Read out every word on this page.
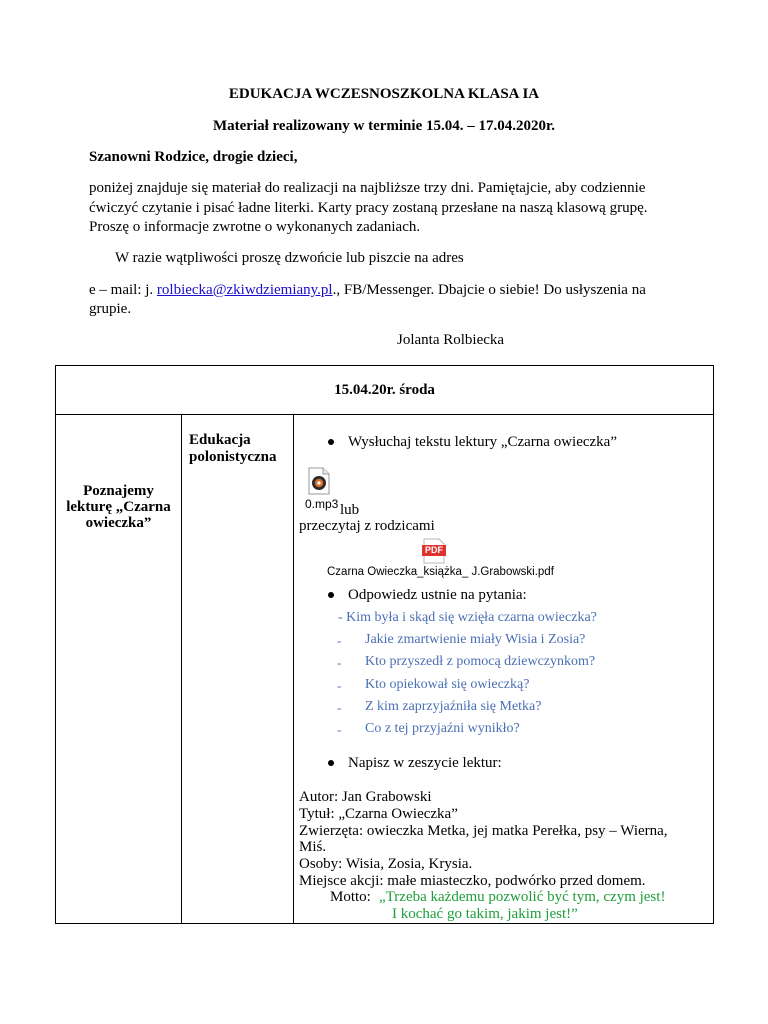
EDUKACJA WCZESNOSZKOLNA KLASA IA
Materiał realizowany w terminie 15.04. – 17.04.2020r.
Szanowni Rodzice, drogie dzieci,
poniżej znajduje się materiał do realizacji na najbliższe trzy dni. Pamiętajcie, aby codziennie
ćwiczyć czytanie i pisać ładne literki. Karty pracy zostaną przesłane na naszą klasową grupę.
Proszę o informacje zwrotne o wykonanych zadaniach.
W razie wątpliwości proszę dzwońcie lub piszcie na adres
e – mail: j. rolbiecka@zkiwdziemiany.pl., FB/Messenger. Dbajcie o siebie! Do usłyszenia na
grupie.
Jolanta Rolbiecka
15.04.20r. środa
Poznajemy
lekturę „Czarna
owieczka”
Edukacja
polonistyczna
Wysłuchaj tekstu lektury „Czarna owieczka”
0.mp3 lub
przeczytaj z rodzicami
PDF
Czarna Owieczka_książka_ J.Grabowski.pdf
Odpowiedz ustnie na pytania:
- Kim była i skąd się wzięła czarna owieczka?
- Jakie zmartwienie miały Wisia i Zosia?
- Kto przyszedł z pomocą dziewczynkom?
- Kto opiekował się owieczką?
- Z kim zaprzyjaźniła się Metka?
- Co z tej przyjaźni wynikło?
Napisz w zeszycie lektur:
Autor: Jan Grabowski
Tytuł: „Czarna Owieczka”
Zwierzęta: owieczka Metka, jej matka Perełka, psy – Wierna,
Miś.
Osoby: Wisia, Zosia, Krysia.
Miejsce akcji: małe miasteczko, podwórko przed domem.
Motto: „Trzeba każdemu pozwolić być tym, czym jest!
I kochać go takim, jakim jest!”
